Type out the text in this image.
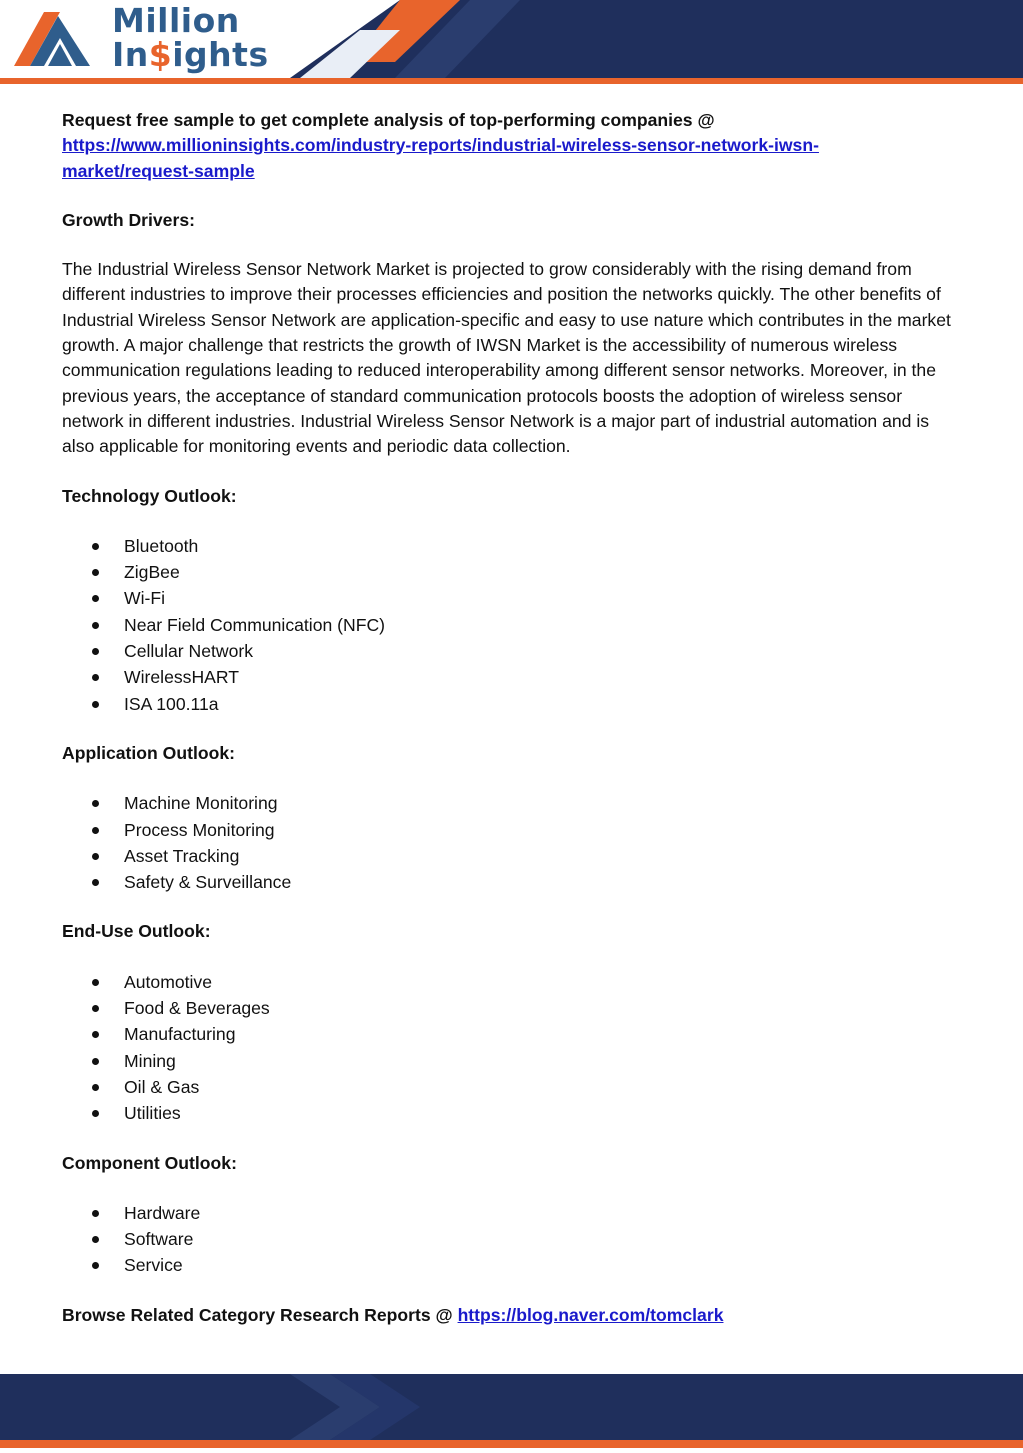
Million
In$ights

Request free sample to get complete analysis of top-performing companies @

https://www.millioninsights.com/industry-reports/industrial-wireless-sensor-network-iwsn-
market/request-sample

Growth Drivers:

The Industrial Wireless Sensor Network Market is projected to grow considerably with the rising demand from different industries to improve their processes efficiencies and position the networks quickly. The other benefits of Industrial Wireless Sensor Network are application-specific and easy to use nature which contributes in the market growth. A major challenge that restricts the growth of IWSN Market is the accessibility of numerous wireless communication regulations leading to reduced interoperability among different sensor networks. Moreover, in the previous years, the acceptance of standard communication protocols boosts the adoption of wireless sensor network in different industries. Industrial Wireless Sensor Network is a major part of industrial automation and is also applicable for monitoring events and periodic data collection.

Technology Outlook:

Bluetooth
ZigBee
Wi-Fi
Near Field Communication (NFC)
Cellular Network
WirelessHART
ISA 100.11a

Application Outlook:

Machine Monitoring
Process Monitoring
Asset Tracking
Safety & Surveillance

End-Use Outlook:

Automotive
Food & Beverages
Manufacturing
Mining
Oil & Gas
Utilities

Component Outlook:

Hardware
Software
Service

Browse Related Category Research Reports @ https://blog.naver.com/tomclark
